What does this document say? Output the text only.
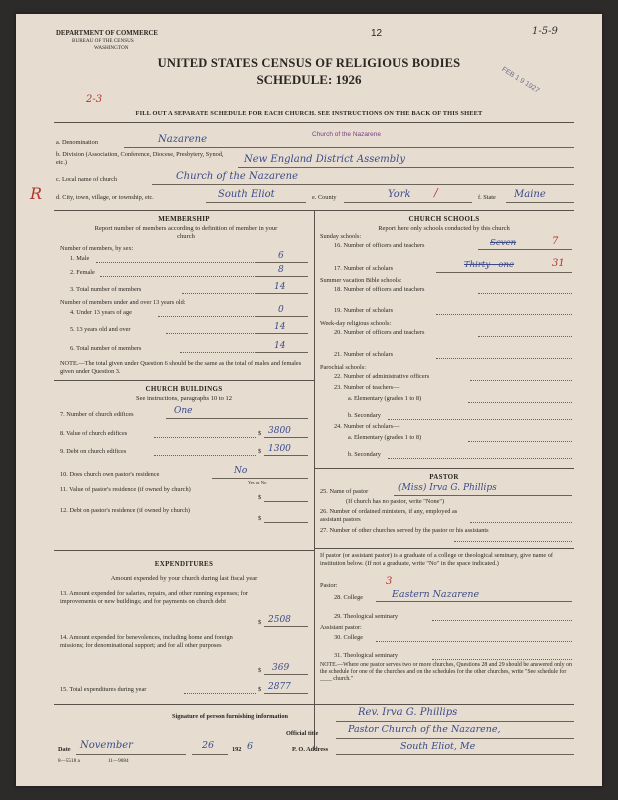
DEPARTMENT OF COMMERCE
BUREAU OF THE CENSUS
WASHINGTON
12	1-5-9
FEB 1 9 1927
UNITED STATES CENSUS OF RELIGIOUS BODIES
SCHEDULE: 1926
2-3
FILL OUT A SEPARATE SCHEDULE FOR EACH CHURCH. SEE INSTRUCTIONS ON THE BACK OF THIS SHEET
a. Denomination	Nazarene	Church of the Nazarene
b. Division (Association, Conference, Diocese, Presbytery, Synod, etc.)	New England District Assembly
c. Local name of church	Church of the Nazarene
R d. City, town, village, or township, etc.	South Eliot	e. County	York /	f. State Maine
MEMBERSHIP
Report number of members according to definition of member in your church
Number of members, by sex:
1. Male	6
2. Female	8
3. Total number of members	14
Number of members under and over 13 years old:
4. Under 13 years of age	0
5. 13 years old and over	14
6. Total number of members	14
NOTE.—The total given under Question 6 should be the same as the total of males and females given under Question 3.
CHURCH BUILDINGS
See instructions, paragraphs 10 to 12
7. Number of church edifices	One
8. Value of church edifices	$ 3800
9. Debt on church edifices	$ 1300
10. Does church own pastor's residence	No
Yes or No
11. Value of pastor's residence (if owned by church)
$
12. Debt on pastor's residence (if owned by church)
$
EXPENDITURES
Amount expended by your church during last fiscal year
13. Amount expended for salaries, repairs, and other running expenses; for improvements or new buildings; and for payments on church debt
$ 2508
14. Amount expended for benevolences, including home and foreign missions; for denominational support; and for all other purposes
$ 369
15. Total expenditures during year	$ 2877
CHURCH SCHOOLS
Report here only schools conducted by this church
Sunday schools:
16. Number of officers and teachers	Seven	7
17. Number of scholars	Thirty - one	31
Summer vacation Bible schools:
18. Number of officers and teachers
19. Number of scholars
Week-day religious schools:
20. Number of officers and teachers
21. Number of scholars
Parochial schools:
22. Number of administrative officers
23. Number of teachers—
a. Elementary (grades 1 to 8)
b. Secondary
24. Number of scholars—
a. Elementary (grades 1 to 8)
b. Secondary
PASTOR
25. Name of pastor	(Miss) Irva G. Phillips
(If church has no pastor, write "None")
26. Number of ordained ministers, if any, employed as assistant pastors
27. Number of other churches served by the pastor or his assistants
If pastor (or assistant pastor) is a graduate of a college or theological seminary, give name of institution below. (If not a graduate, write "No" in the space indicated.)
Pastor:	3
28. College	Eastern Nazarene
29. Theological seminary
Assistant pastor:
30. College
31. Theological seminary
NOTE.—Where one pastor serves two or more churches, Questions 28 and 29 should be answered only on the schedule for one of the churches and on the schedules for the other churches, write "See schedule for ____ church."
Signature of person furnishing information	Rev. Irva G. Phillips
Official title	Pastor Church of the Nazarene,
Date November	26	192 6	P. O. Address	South Eliot, Me
8—5518 a	11—9084
